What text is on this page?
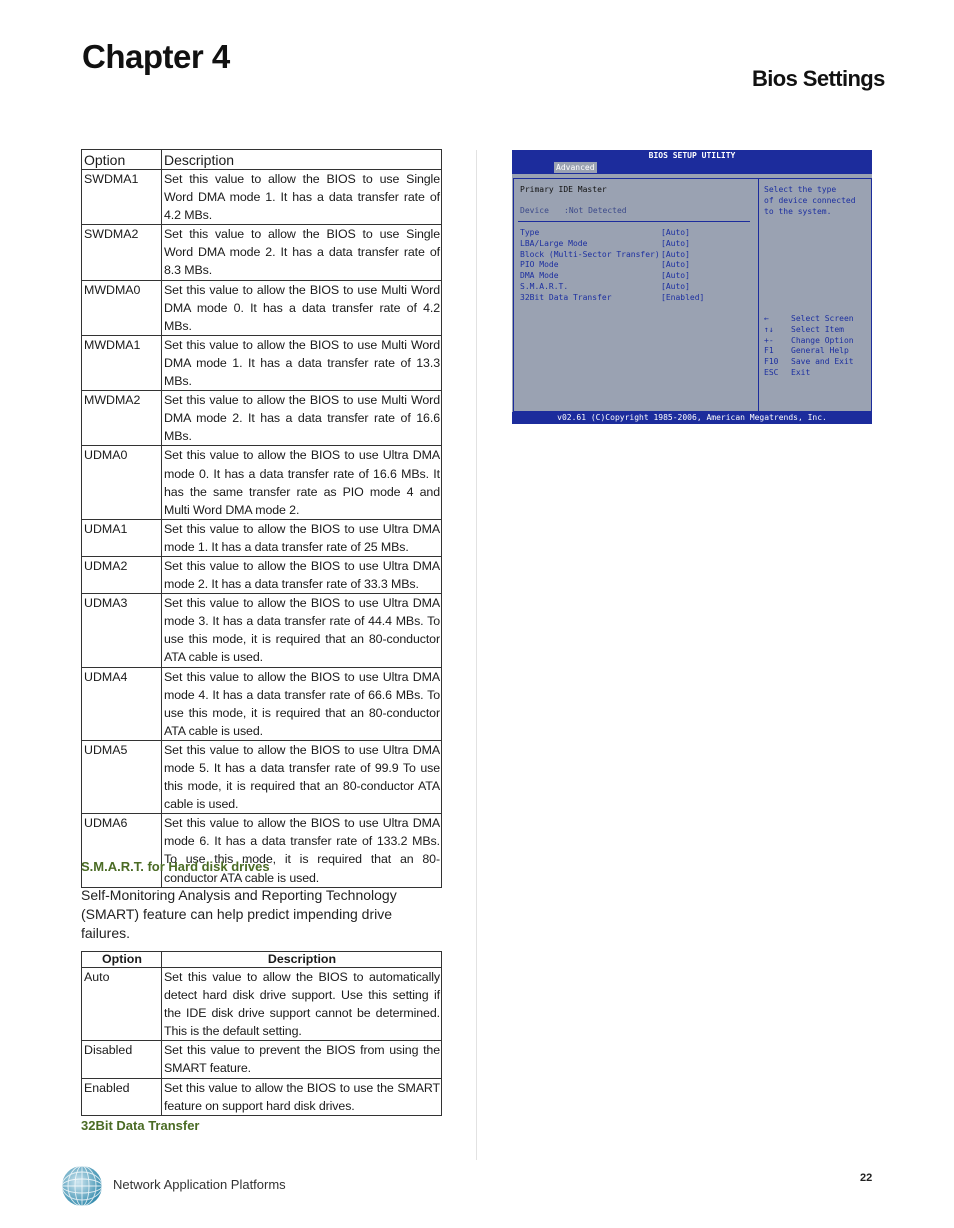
Chapter 4
Bios Settings
Option	Description
SWDMA1	Set this value to allow the BIOS to use Single Word DMA mode 1. It has a data transfer rate of 4.2 MBs.
SWDMA2	Set this value to allow the BIOS to use Single Word DMA mode 2. It has a data transfer rate of 8.3 MBs.
MWDMA0	Set this value to allow the BIOS to use Multi Word DMA mode 0. It has a data transfer rate of 4.2 MBs.
MWDMA1	Set this value to allow the BIOS to use Multi Word DMA mode 1. It has a data transfer rate of 13.3 MBs.
MWDMA2	Set this value to allow the BIOS to use Multi Word DMA mode 2. It has a data transfer rate of 16.6 MBs.
UDMA0	Set this value to allow the BIOS to use Ultra DMA mode 0. It has a data transfer rate of 16.6 MBs. It has the same transfer rate as PIO mode 4 and Multi Word DMA mode 2.
UDMA1	Set this value to allow the BIOS to use Ultra DMA mode 1. It has a data transfer rate of 25 MBs.
UDMA2	Set this value to allow the BIOS to use Ultra DMA mode 2. It has a data transfer rate of 33.3 MBs.
UDMA3	Set this value to allow the BIOS to use Ultra DMA mode 3. It has a data transfer rate of 44.4 MBs. To use this mode, it is required that an 80-conductor ATA cable is used.
UDMA4	Set this value to allow the BIOS to use Ultra DMA mode 4. It has a data transfer rate of 66.6 MBs. To use this mode, it is required that an 80-conductor ATA cable is used.
UDMA5	Set this value to allow the BIOS to use Ultra DMA mode 5. It has a data transfer rate of 99.9 To use this mode, it is required that an 80-conductor ATA cable is used.
UDMA6	Set this value to allow the BIOS to use Ultra DMA mode 6. It has a data transfer rate of 133.2 MBs. To use this mode, it is required that an 80-conductor ATA cable is used.
S.M.A.R.T. for Hard disk drives
Self-Monitoring Analysis and Reporting Technology (SMART) feature can help predict impending drive failures.
Option	Description
Auto	Set this value to allow the BIOS to automatically detect hard disk drive support. Use this setting if the IDE disk drive support cannot be determined. This is the default setting.
Disabled	Set this value to prevent the BIOS from using the SMART feature.
Enabled	Set this value to allow the BIOS to use the SMART feature on support hard disk drives.
32Bit Data Transfer
BIOS SETUP UTILITY
Advanced
Primary IDE Master
Device :Not Detected
Type	[Auto]
LBA/Large Mode	[Auto]
Block (Multi-Sector Transfer) [Auto]
PIO Mode	[Auto]
DMA Mode	[Auto]
S.M.A.R.T.	[Auto]
32Bit Data Transfer	[Enabled]
Select the type
of device connected
to the system.
←	Select Screen
↑↓ Select Item
+- Change Option
F1 General Help
F10 Save and Exit
ESC Exit
v02.61 (C)Copyright 1985-2006, American Megatrends, Inc.
Network Application Platforms	22
